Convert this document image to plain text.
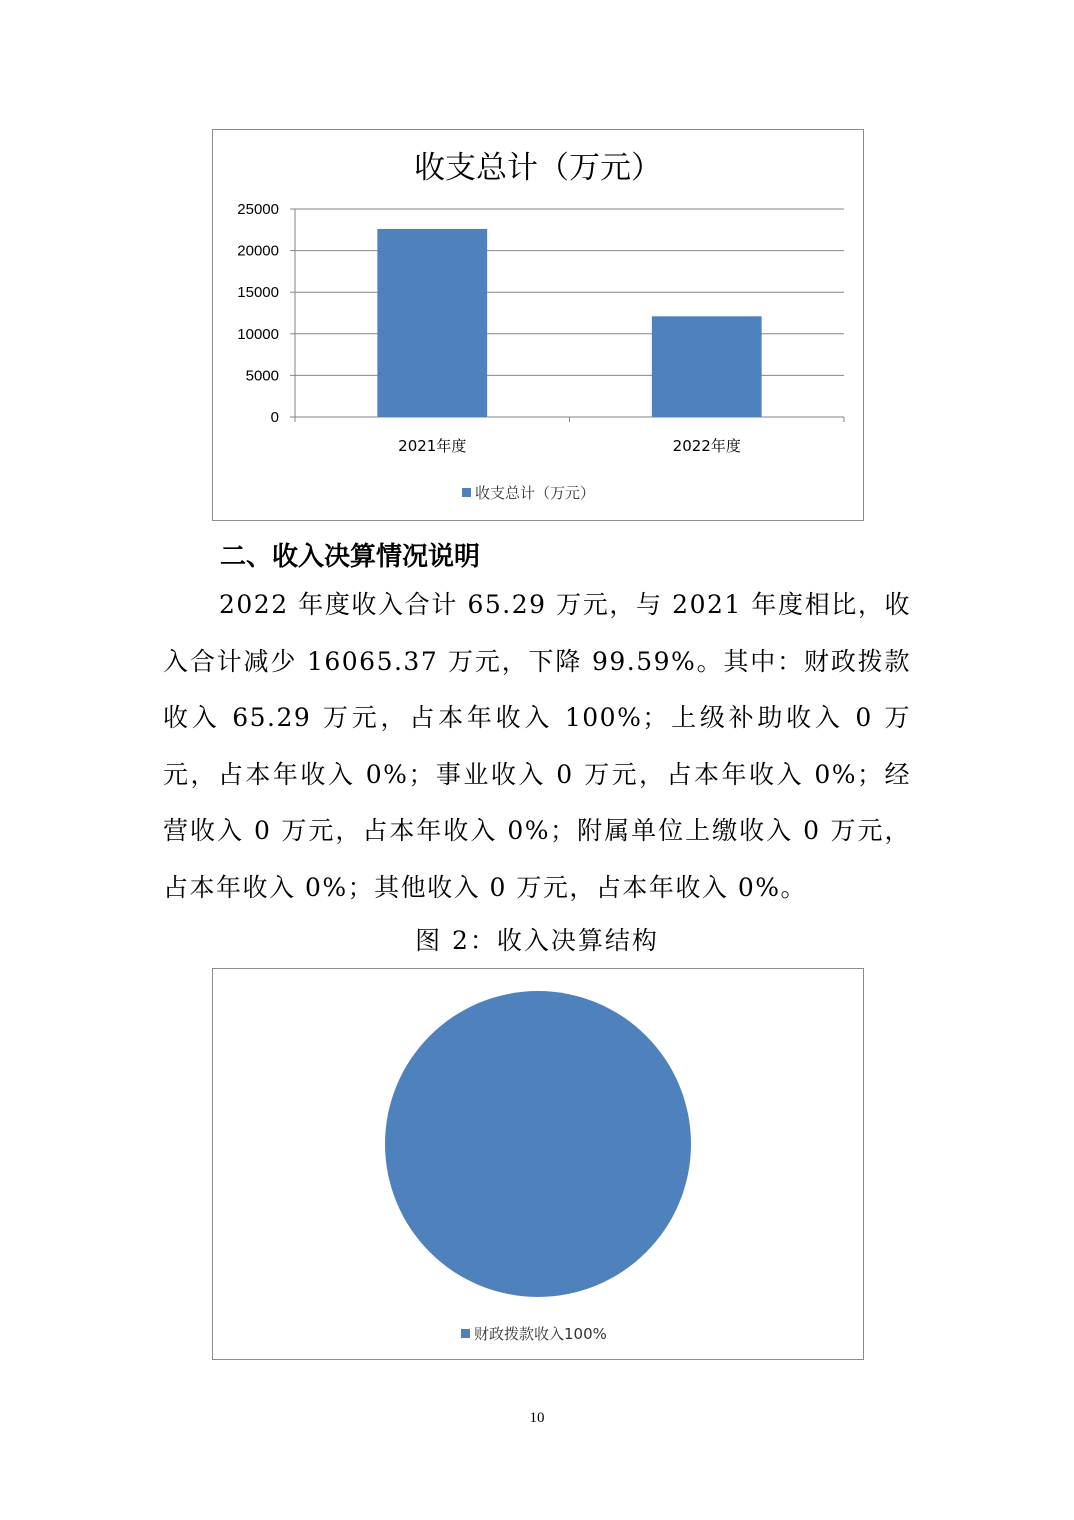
收支总计（万元）
0
5000
10000
15000
20000
25000
2021年度	2022年度
收支总计（万元）
二、收入决算情况说明

2022 年度收入合计 65.29 万元，与 2021 年度相比，收入合计减少 16065.37 万元，下降 99.59%。其中：财政拨款收入 65.29 万元，占本年收入 100%；上级补助收入 0 万元，占本年收入 0%；事业收入 0 万元，占本年收入 0%；经营收入 0 万元，占本年收入 0%；附属单位上缴收入 0 万元，占本年收入 0%；其他收入 0 万元，占本年收入 0%。

图 2：收入决算结构

财政拨款收入100%
10
